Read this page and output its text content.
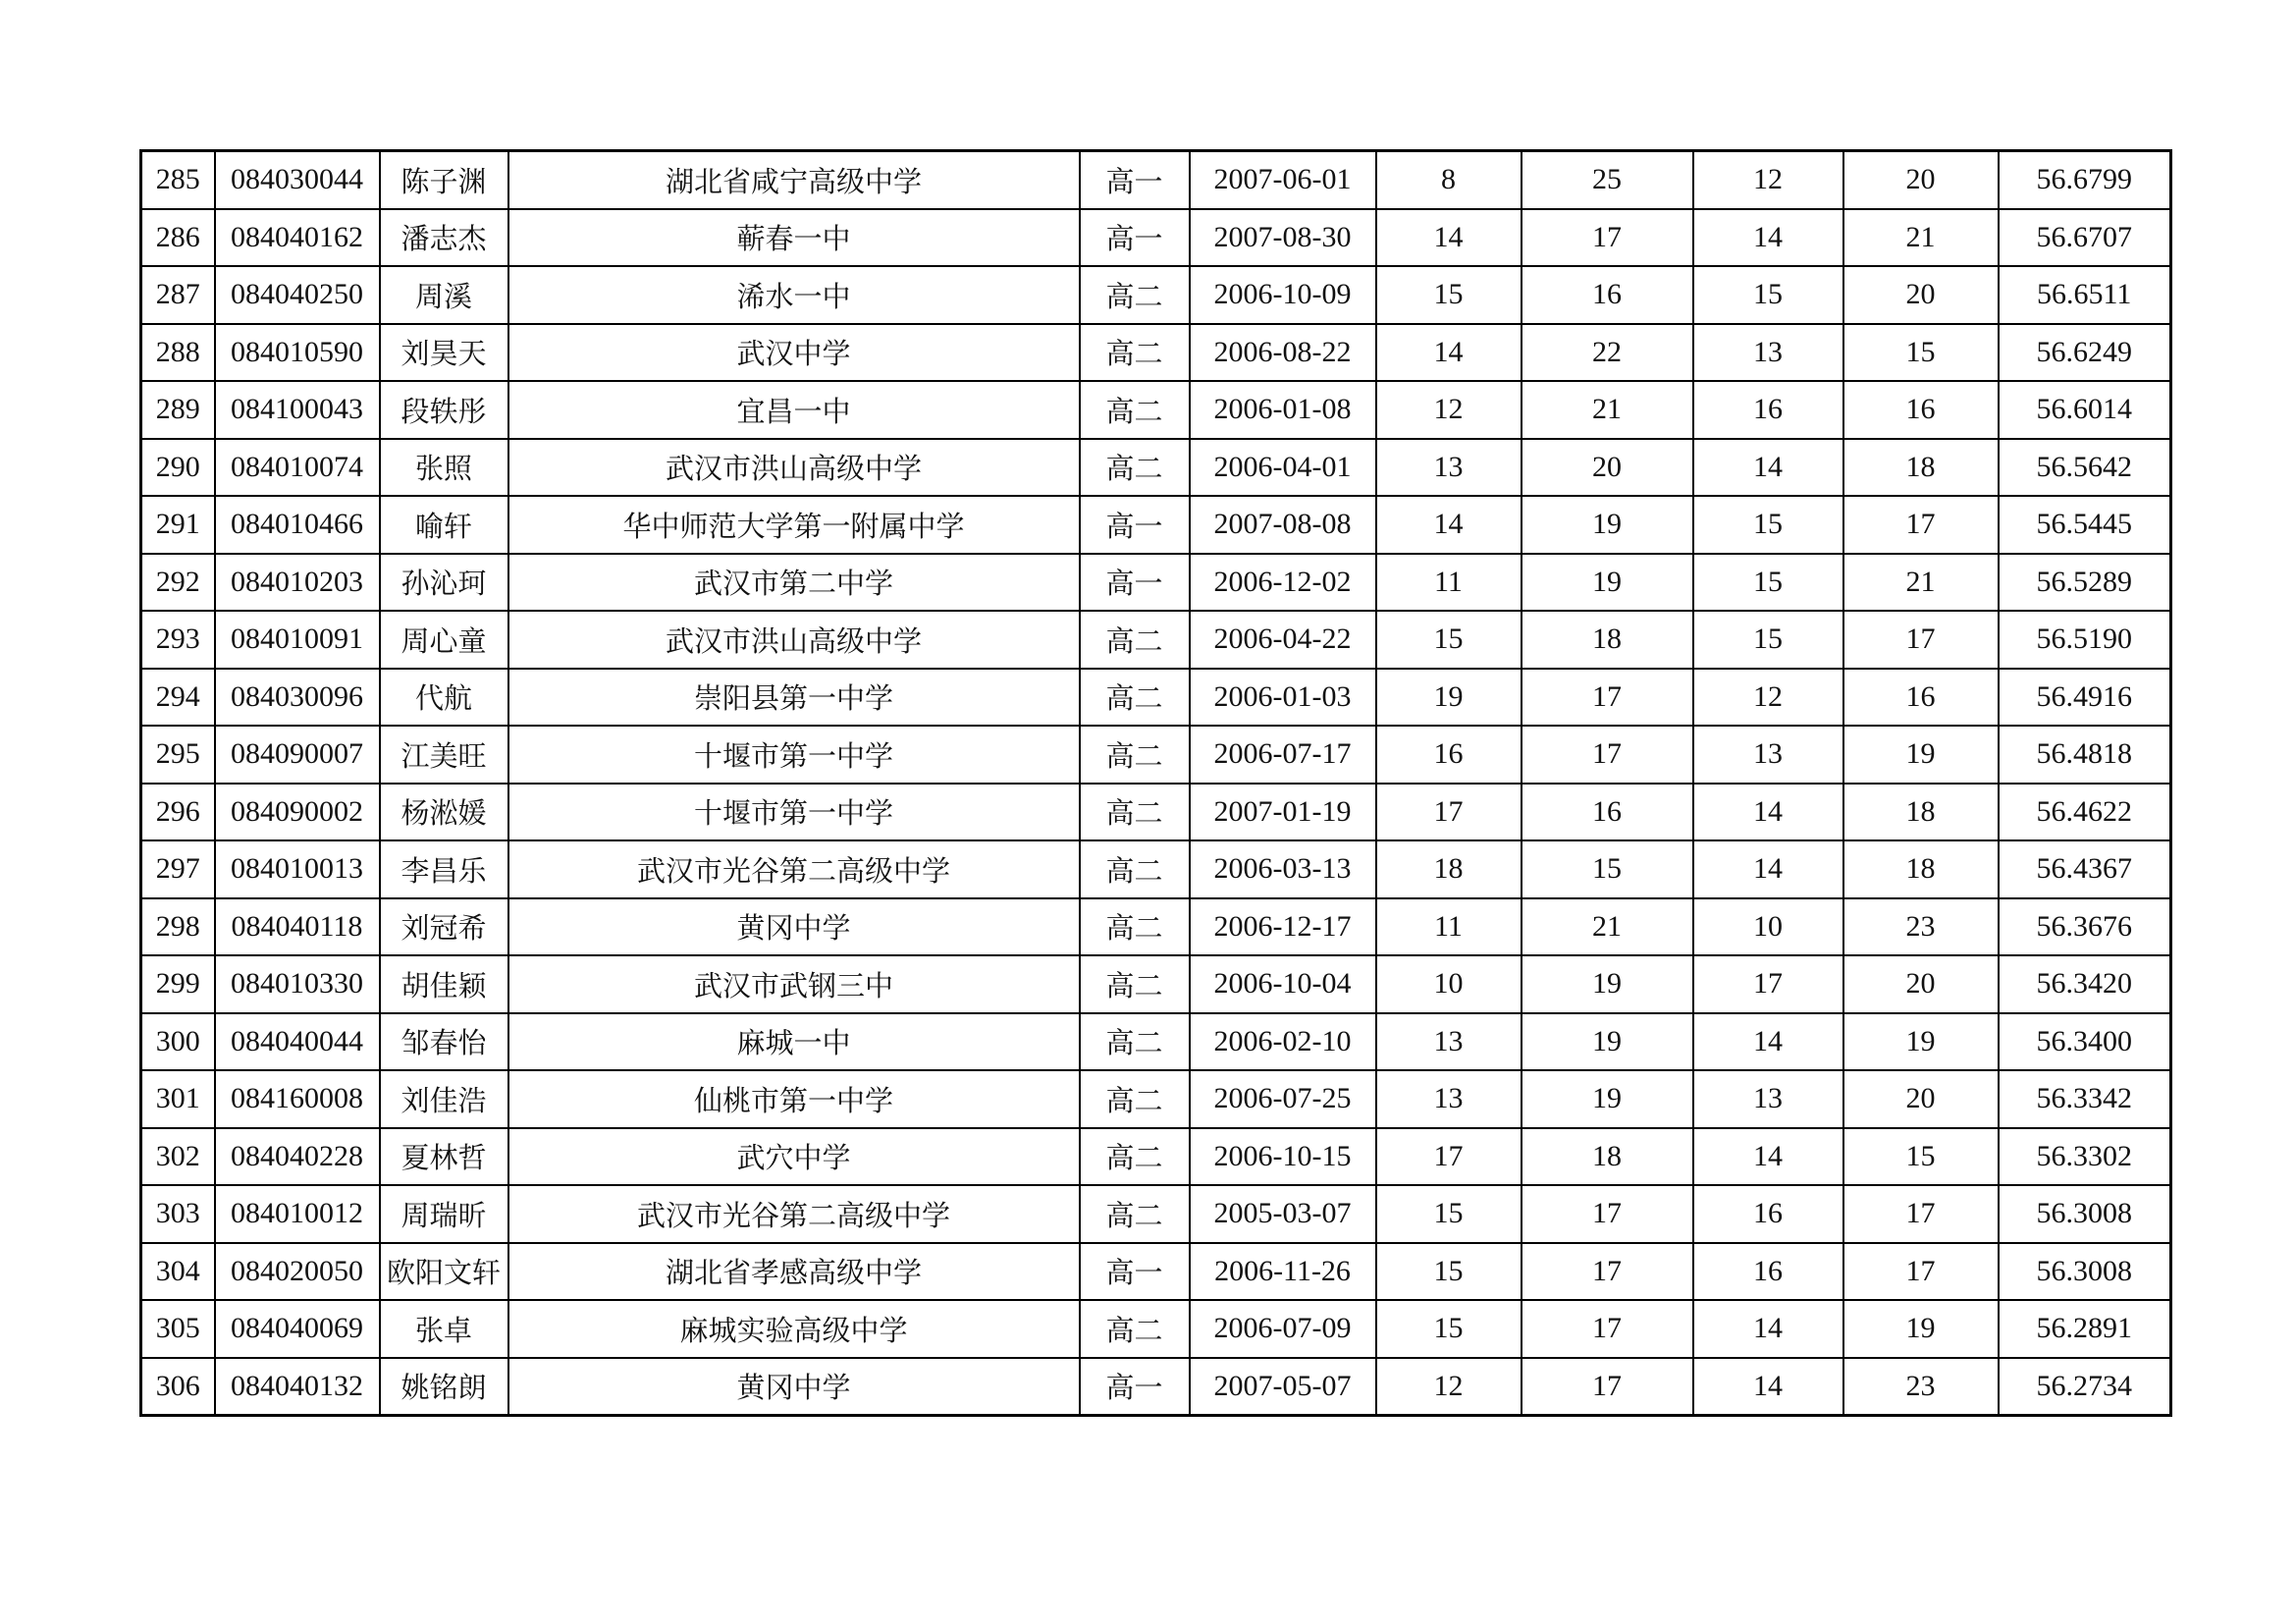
285	084030044	陈子渊	湖北省咸宁高级中学	高一	2007-06-01	8	25	12	20	56.6799
286	084040162	潘志杰	蕲春一中	高一	2007-08-30	14	17	14	21	56.6707
287	084040250	周溪	浠水一中	高二	2006-10-09	15	16	15	20	56.6511
288	084010590	刘昊天	武汉中学	高二	2006-08-22	14	22	13	15	56.6249
289	084100043	段轶彤	宜昌一中	高二	2006-01-08	12	21	16	16	56.6014
290	084010074	张照	武汉市洪山高级中学	高二	2006-04-01	13	20	14	18	56.5642
291	084010466	喻轩	华中师范大学第一附属中学	高一	2007-08-08	14	19	15	17	56.5445
292	084010203	孙沁珂	武汉市第二中学	高一	2006-12-02	11	19	15	21	56.5289
293	084010091	周心童	武汉市洪山高级中学	高二	2006-04-22	15	18	15	17	56.5190
294	084030096	代航	崇阳县第一中学	高二	2006-01-03	19	17	12	16	56.4916
295	084090007	江美旺	十堰市第一中学	高二	2006-07-17	16	17	13	19	56.4818
296	084090002	杨淞媛	十堰市第一中学	高二	2007-01-19	17	16	14	18	56.4622
297	084010013	李昌乐	武汉市光谷第二高级中学	高二	2006-03-13	18	15	14	18	56.4367
298	084040118	刘冠希	黄冈中学	高二	2006-12-17	11	21	10	23	56.3676
299	084010330	胡佳颖	武汉市武钢三中	高二	2006-10-04	10	19	17	20	56.3420
300	084040044	邹春怡	麻城一中	高二	2006-02-10	13	19	14	19	56.3400
301	084160008	刘佳浩	仙桃市第一中学	高二	2006-07-25	13	19	13	20	56.3342
302	084040228	夏林哲	武穴中学	高二	2006-10-15	17	18	14	15	56.3302
303	084010012	周瑞昕	武汉市光谷第二高级中学	高二	2005-03-07	15	17	16	17	56.3008
304	084020050	欧阳文轩	湖北省孝感高级中学	高一	2006-11-26	15	17	16	17	56.3008
305	084040069	张卓	麻城实验高级中学	高二	2006-07-09	15	17	14	19	56.2891
306	084040132	姚铭朗	黄冈中学	高一	2007-05-07	12	17	14	23	56.2734
